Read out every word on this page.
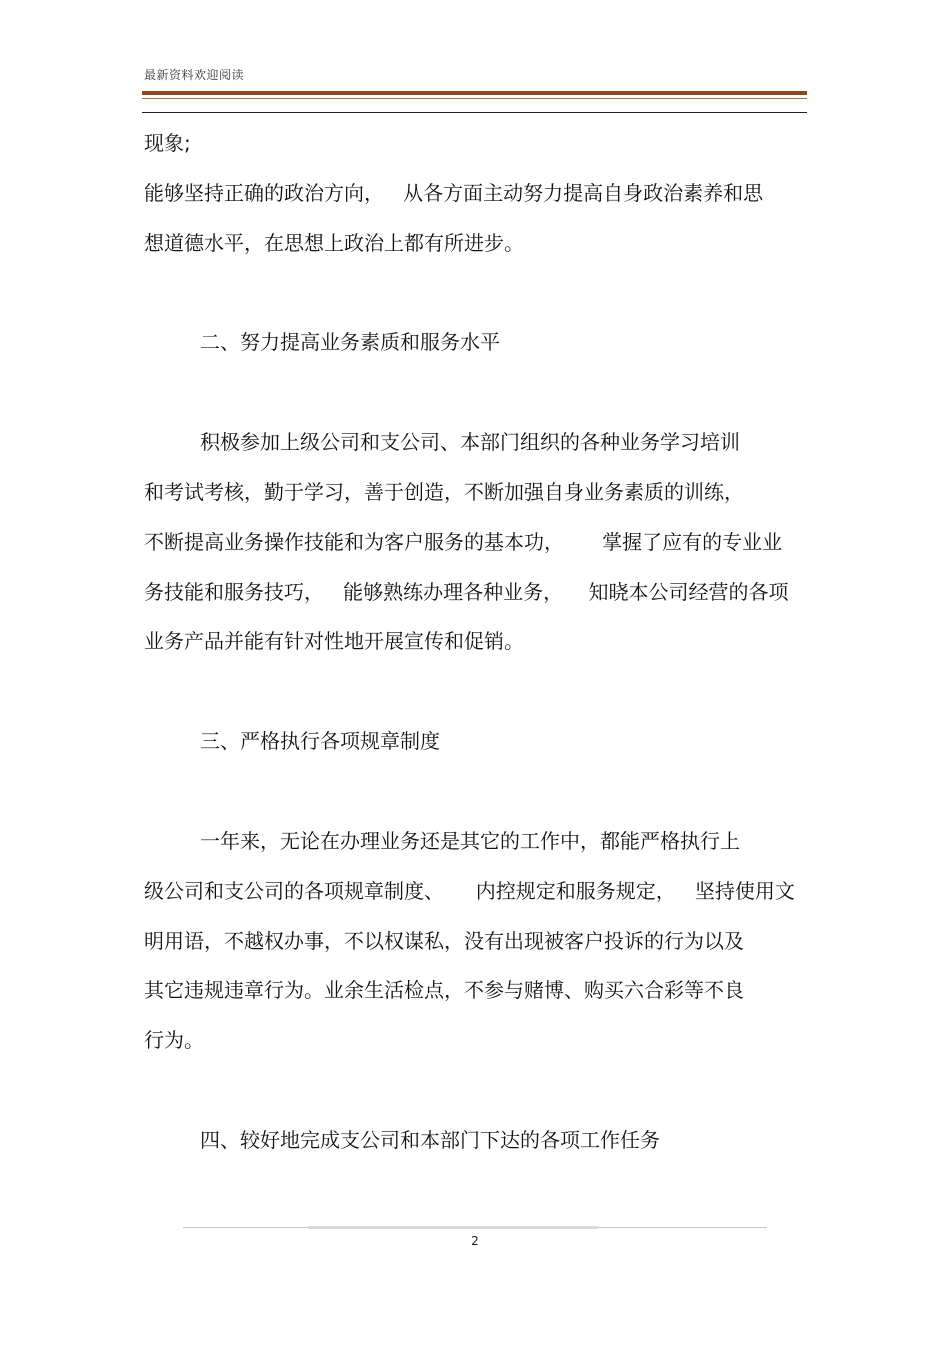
最新资料欢迎阅读
现象;
能够坚持正确的政治方向，   从各方面主动努力提高自身政治素养和思
想道德水平，在思想上政治上都有所进步。
二、努力提高业务素质和服务水平
积极参加上级公司和支公司、本部门组织的各种业务学习培训
和考试考核，勤于学习，善于创造，不断加强自身业务素质的训练，
不断提高业务操作技能和为客户服务的基本功，      掌握了应有的专业业
务技能和服务技巧，   能够熟练办理各种业务，    知晓本公司经营的各项
业务产品并能有针对性地开展宣传和促销。
三、严格执行各项规章制度
一年来，无论在办理业务还是其它的工作中，都能严格执行上
级公司和支公司的各项规章制度、     内控规定和服务规定，   坚持使用文
明用语，不越权办事，不以权谋私，没有出现被客户投诉的行为以及
其它违规违章行为。业余生活检点，不参与赌博、购买六合彩等不良
行为。
四、较好地完成支公司和本部门下达的各项工作任务
2
